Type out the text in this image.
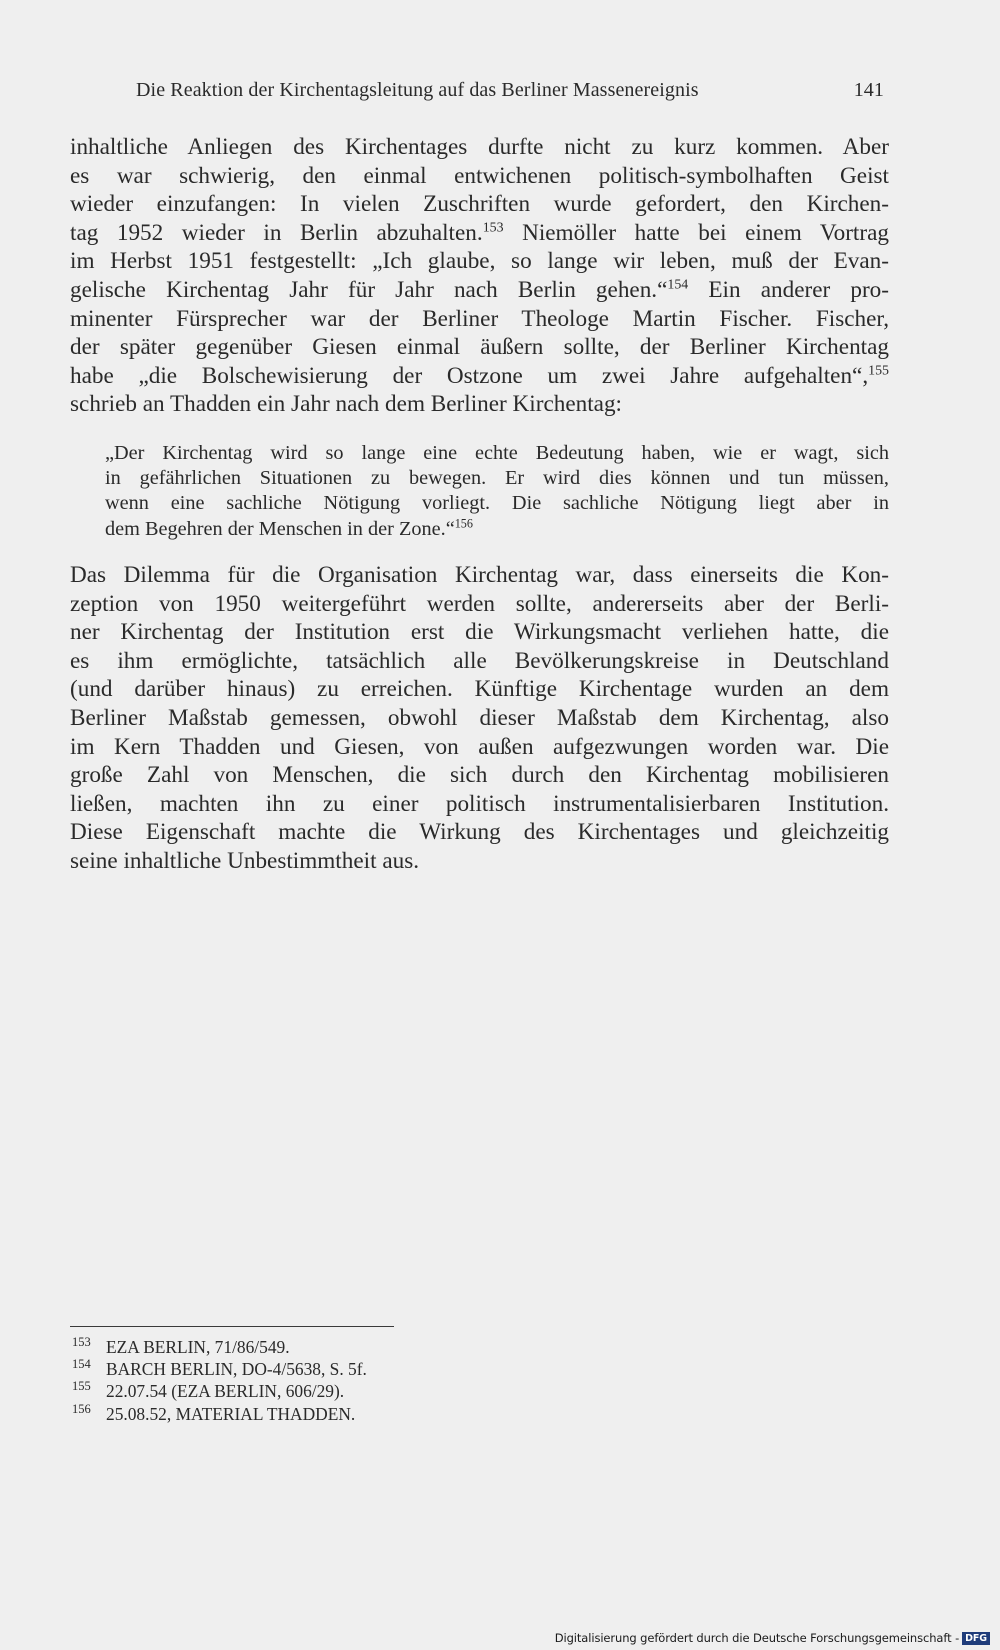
Die Reaktion der Kirchentagsleitung auf das Berliner Massenereignis	141
inhaltliche Anliegen des Kirchentages durfte nicht zu kurz kommen. Aber
es war schwierig, den einmal entwichenen politisch-symbolhaften Geist
wieder einzufangen: In vielen Zuschriften wurde gefordert, den Kirchen-
tag 1952 wieder in Berlin abzuhalten.$^{153}$ Niemöller hatte bei einem Vortrag
im Herbst 1951 festgestellt: „Ich glaube, so lange wir leben, muß der Evan-
gelische Kirchentag Jahr für Jahr nach Berlin gehen.“$^{154}$ Ein anderer pro-
minenter Fürsprecher war der Berliner Theologe Martin Fischer. Fischer,
der später gegenüber Giesen einmal äußern sollte, der Berliner Kirchentag
habe „die Bolschewisierung der Ostzone um zwei Jahre aufgehalten“,$^{155}$
schrieb an Thadden ein Jahr nach dem Berliner Kirchentag:
„Der Kirchentag wird so lange eine echte Bedeutung haben, wie er wagt, sich
in gefährlichen Situationen zu bewegen. Er wird dies können und tun müssen,
wenn eine sachliche Nötigung vorliegt. Die sachliche Nötigung liegt aber in
dem Begehren der Menschen in der Zone.“$^{156}$
Das Dilemma für die Organisation Kirchentag war, dass einerseits die Kon-
zeption von 1950 weitergeführt werden sollte, andererseits aber der Berli-
ner Kirchentag der Institution erst die Wirkungsmacht verliehen hatte, die
es ihm ermöglichte, tatsächlich alle Bevölkerungskreise in Deutschland
(und darüber hinaus) zu erreichen. Künftige Kirchentage wurden an dem
Berliner Maßstab gemessen, obwohl dieser Maßstab dem Kirchentag, also
im Kern Thadden und Giesen, von außen aufgezwungen worden war. Die
große Zahl von Menschen, die sich durch den Kirchentag mobilisieren
ließen, machten ihn zu einer politisch instrumentalisierbaren Institution.
Diese Eigenschaft machte die Wirkung des Kirchentages und gleichzeitig
seine inhaltliche Unbestimmtheit aus.
153 EZA BERLIN, 71/86/549.
154 BARCH BERLIN, DO-4/5638, S. 5f.
155 22.07.54 (EZA BERLIN, 606/29).
156 25.08.52, MATERIAL THADDEN.
Digitalisierung gefördert durch die Deutsche Forschungsgemeinschaft - DFG
